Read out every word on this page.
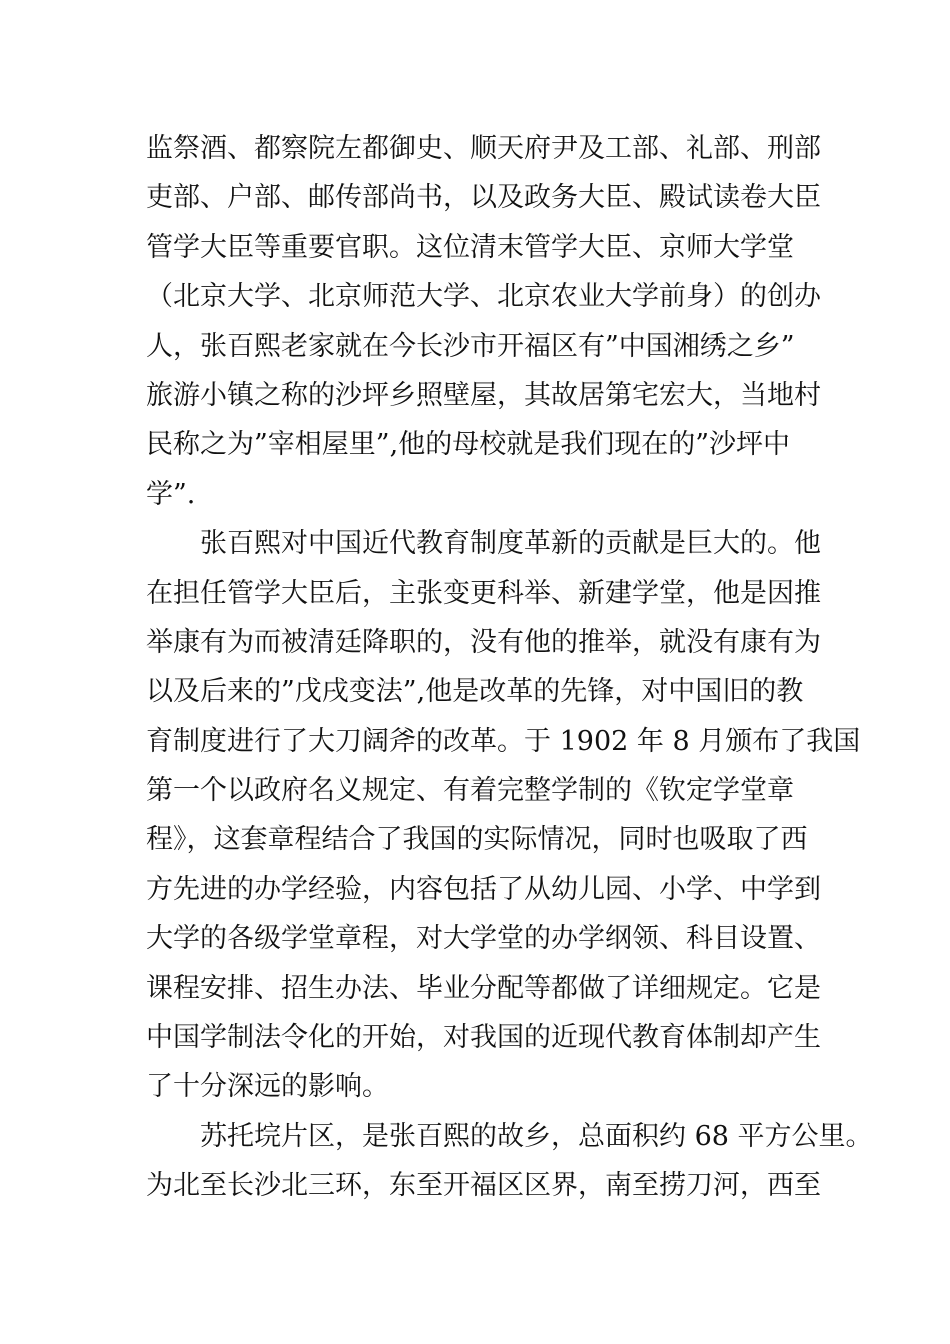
监祭酒、都察院左都御史、顺天府尹及工部、礼部、刑部
吏部、户部、邮传部尚书，以及政务大臣、殿试读卷大臣
管学大臣等重要官职。这位清末管学大臣、京师大学堂
（北京大学、北京师范大学、北京农业大学前身）的创办
人，张百熙老家就在今长沙市开福区有”中国湘绣之乡”
旅游小镇之称的沙坪乡照壁屋，其故居第宅宏大，当地村
民称之为”宰相屋里”,他的母校就是我们现在的”沙坪中
学”.
张百熙对中国近代教育制度革新的贡献是巨大的。他
在担任管学大臣后，主张变更科举、新建学堂，他是因推
举康有为而被清廷降职的，没有他的推举，就没有康有为
以及后来的”戊戌变法”,他是改革的先锋，对中国旧的教
育制度进行了大刀阔斧的改革。于 1902 年 8 月颁布了我国
第一个以政府名义规定、有着完整学制的《钦定学堂章
程》，这套章程结合了我国的实际情况，同时也吸取了西
方先进的办学经验，内容包括了从幼儿园、小学、中学到
大学的各级学堂章程，对大学堂的办学纲领、科目设置、
课程安排、招生办法、毕业分配等都做了详细规定。它是
中国学制法令化的开始，对我国的近现代教育体制却产生
了十分深远的影响。
苏托垸片区，是张百熙的故乡，总面积约 68 平方公里。
为北至长沙北三环，东至开福区区界，南至捞刀河，西至
